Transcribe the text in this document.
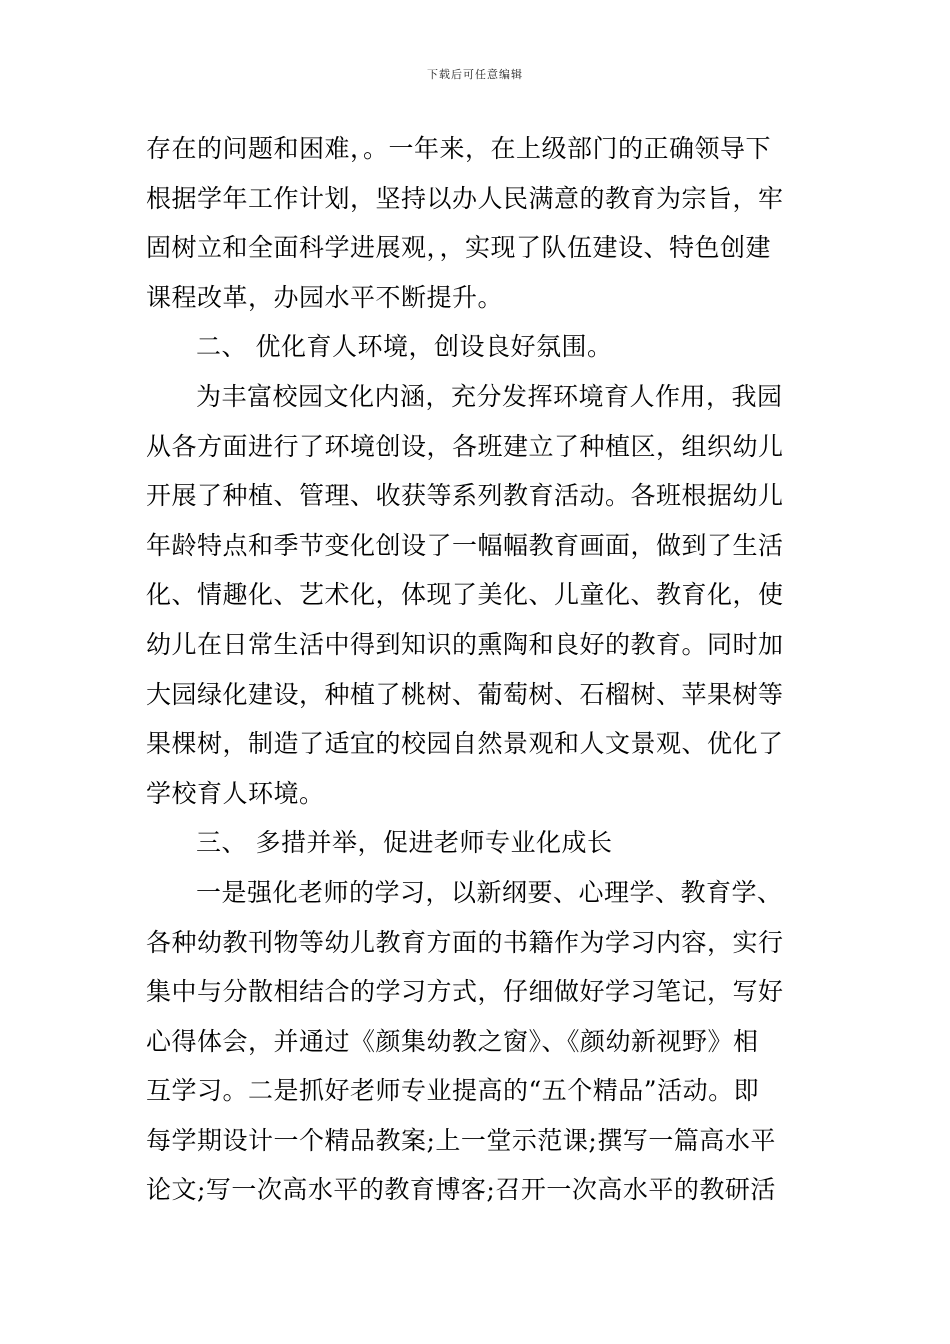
下载后可任意编辑
存在的问题和困难，。一年来，在上级部门的正确领导下
根据学年工作计划，坚持以办人民满意的教育为宗旨，牢
固树立和全面科学进展观，，实现了队伍建设、特色创建
课程改革，办园水平不断提升。
二、 优化育人环境，创设良好氛围。
为丰富校园文化内涵，充分发挥环境育人作用，我园
从各方面进行了环境创设，各班建立了种植区，组织幼儿
开展了种植、管理、收获等系列教育活动。各班根据幼儿
年龄特点和季节变化创设了一幅幅教育画面，做到了生活
化、情趣化、艺术化，体现了美化、儿童化、教育化，使
幼儿在日常生活中得到知识的熏陶和良好的教育。同时加
大园绿化建设，种植了桃树、葡萄树、石榴树、苹果树等
果棵树，制造了适宜的校园自然景观和人文景观、优化了
学校育人环境。
三、 多措并举，促进老师专业化成长
一是强化老师的学习，以新纲要、心理学、教育学、
各种幼教刊物等幼儿教育方面的书籍作为学习内容，实行
集中与分散相结合的学习方式，仔细做好学习笔记，写好
心得体会，并通过《颜集幼教之窗》、《颜幼新视野》相
互学习。二是抓好老师专业提高的“五个精品”活动。即
每学期设计一个精品教案;上一堂示范课;撰写一篇高水平
论文;写一次高水平的教育博客;召开一次高水平的教研活
